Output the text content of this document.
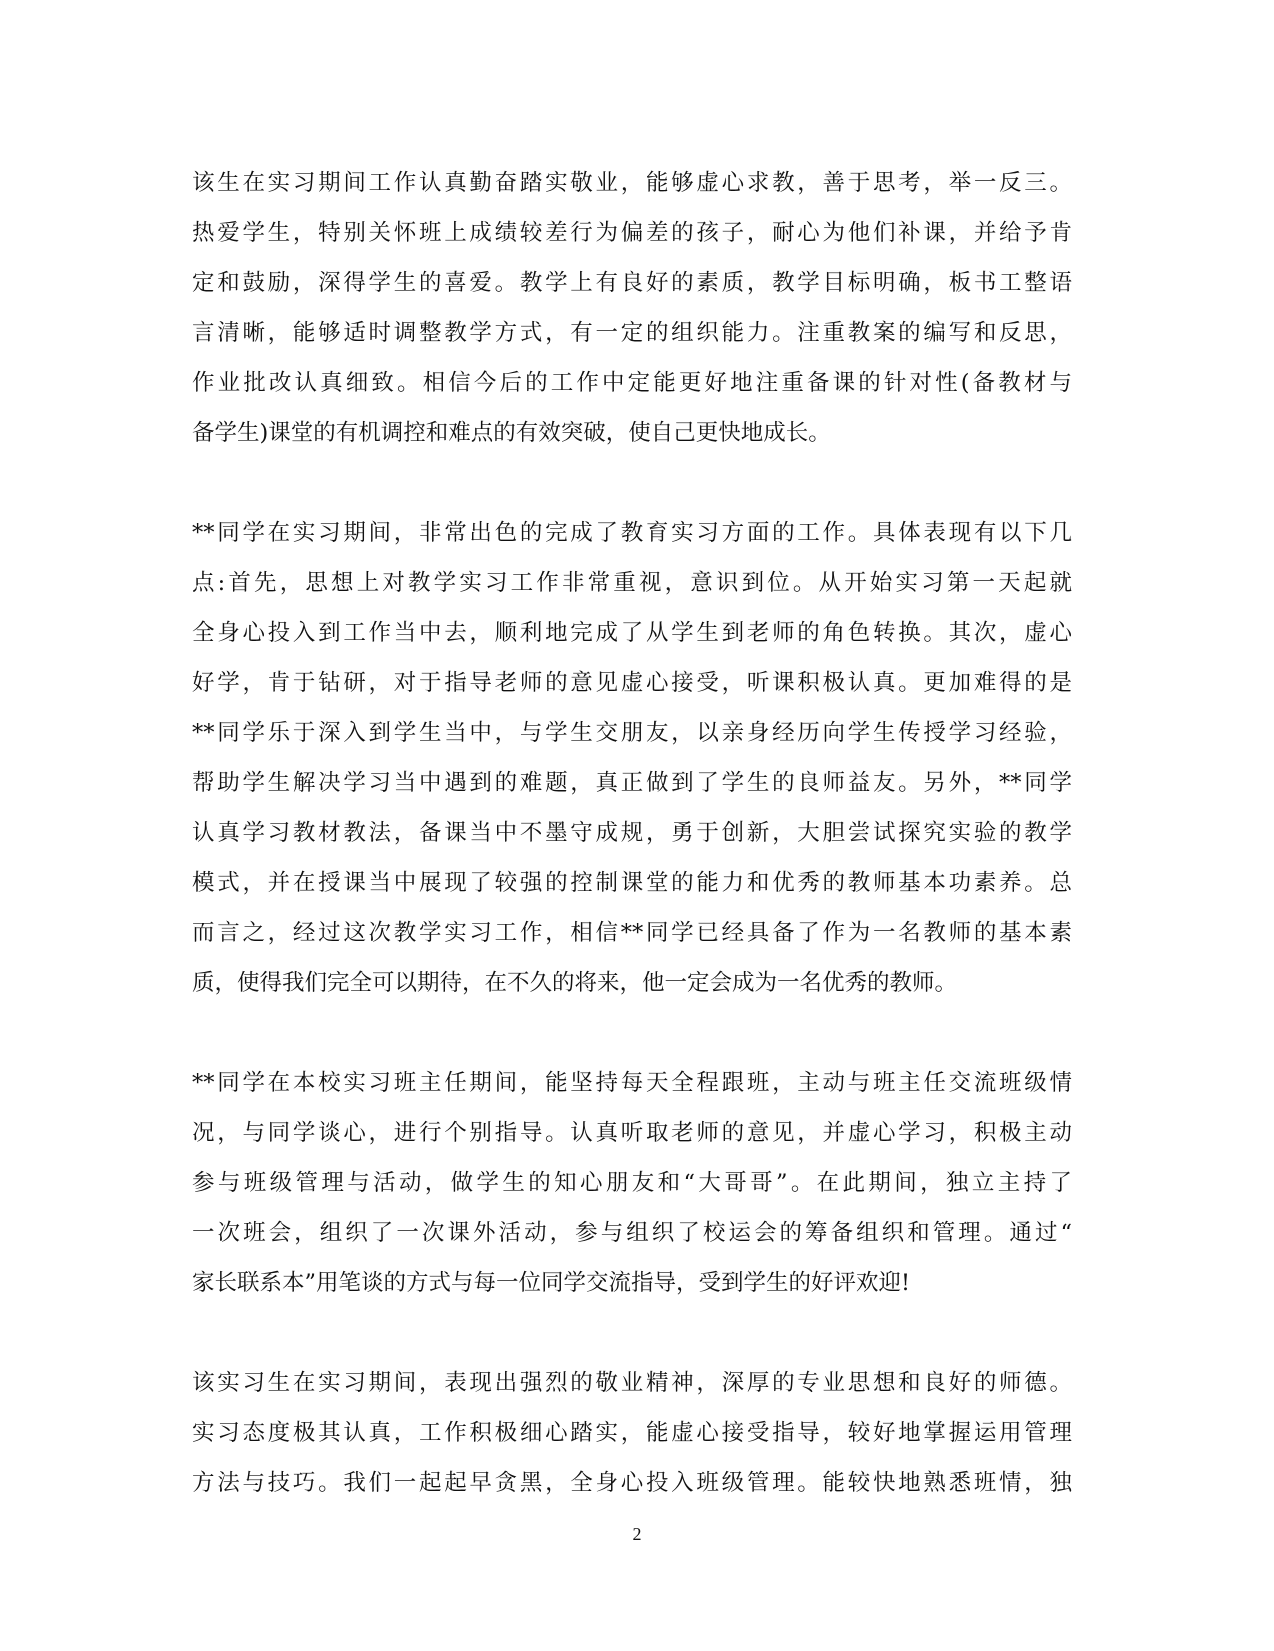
该生在实习期间工作认真勤奋踏实敬业，能够虚心求教，善于思考，举一反三。
热爱学生，特别关怀班上成绩较差行为偏差的孩子，耐心为他们补课，并给予肯
定和鼓励，深得学生的喜爱。教学上有良好的素质，教学目标明确，板书工整语
言清晰，能够适时调整教学方式，有一定的组织能力。注重教案的编写和反思，
作业批改认真细致。相信今后的工作中定能更好地注重备课的针对性(备教材与
备学生)课堂的有机调控和难点的有效突破，使自己更快地成长。
**同学在实习期间，非常出色的完成了教育实习方面的工作。具体表现有以下几
点:首先，思想上对教学实习工作非常重视，意识到位。从开始实习第一天起就
全身心投入到工作当中去，顺利地完成了从学生到老师的角色转换。其次，虚心
好学，肯于钻研，对于指导老师的意见虚心接受，听课积极认真。更加难得的是
**同学乐于深入到学生当中，与学生交朋友，以亲身经历向学生传授学习经验，
帮助学生解决学习当中遇到的难题，真正做到了学生的良师益友。另外，**同学
认真学习教材教法，备课当中不墨守成规，勇于创新，大胆尝试探究实验的教学
模式，并在授课当中展现了较强的控制课堂的能力和优秀的教师基本功素养。总
而言之，经过这次教学实习工作，相信**同学已经具备了作为一名教师的基本素
质，使得我们完全可以期待，在不久的将来，他一定会成为一名优秀的教师。
**同学在本校实习班主任期间，能坚持每天全程跟班，主动与班主任交流班级情
况，与同学谈心，进行个别指导。认真听取老师的意见，并虚心学习，积极主动
参与班级管理与活动，做学生的知心朋友和“大哥哥”。在此期间，独立主持了
一次班会，组织了一次课外活动，参与组织了校运会的筹备组织和管理。通过“
家长联系本”用笔谈的方式与每一位同学交流指导，受到学生的好评欢迎!
该实习生在实习期间，表现出强烈的敬业精神，深厚的专业思想和良好的师德。
实习态度极其认真，工作积极细心踏实，能虚心接受指导，较好地掌握运用管理
方法与技巧。我们一起起早贪黑，全身心投入班级管理。能较快地熟悉班情，独
2
